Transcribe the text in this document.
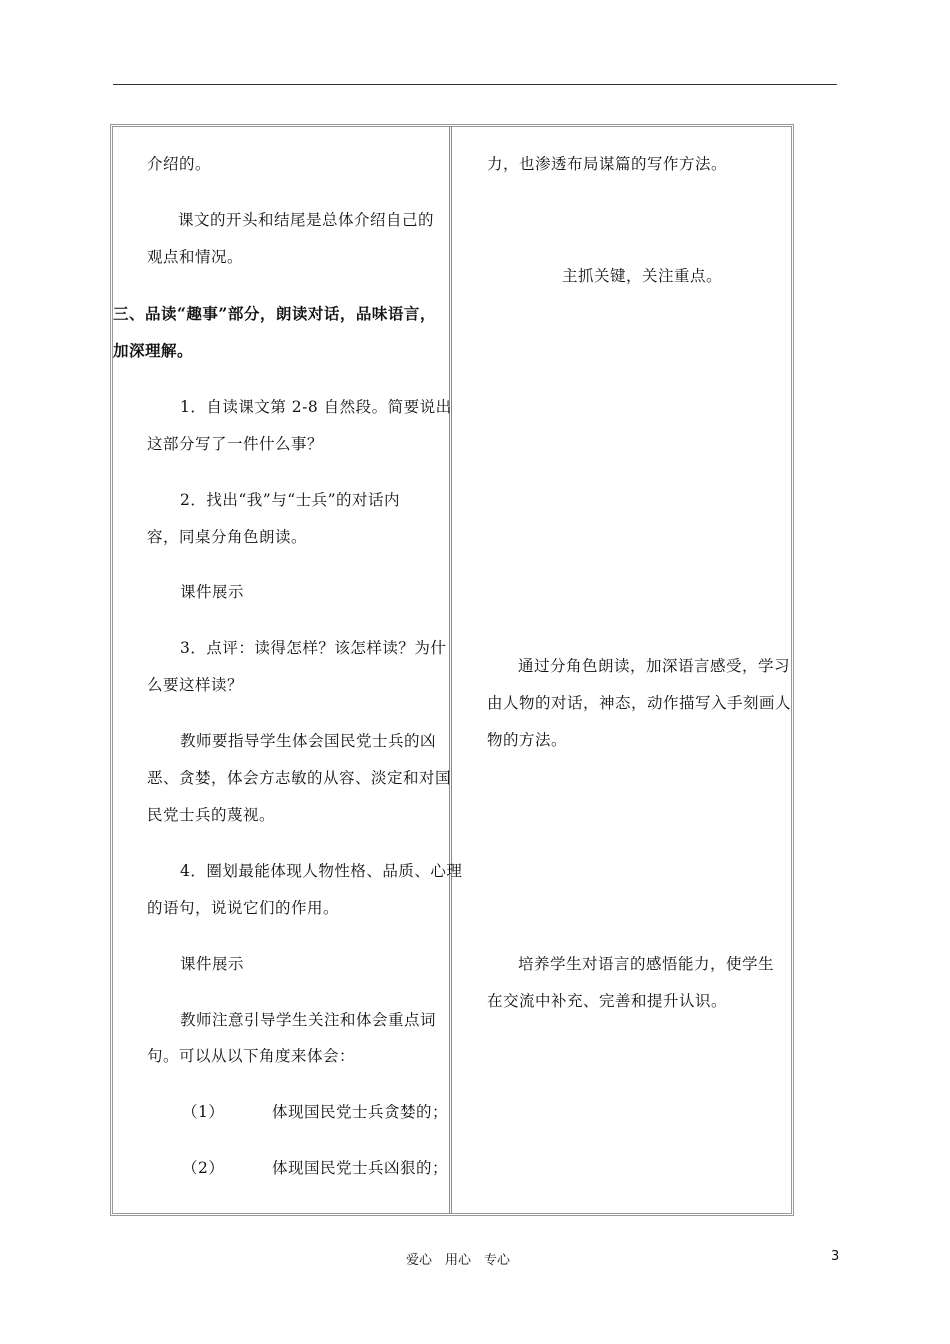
介绍的。
课文的开头和结尾是总体介绍自己的
观点和情况。
三、品读“趣事”部分，朗读对话，品味语言，
加深理解。
1．自读课文第 2-8 自然段。简要说出
这部分写了一件什么事？
2．找出“我”与“士兵”的对话内
容，同桌分角色朗读。
课件展示
3．点评：读得怎样？该怎样读？为什
么要这样读？
教师要指导学生体会国民党士兵的凶
恶、贪婪，体会方志敏的从容、淡定和对国
民党士兵的蔑视。
4．圈划最能体现人物性格、品质、心理
的语句，说说它们的作用。
课件展示
教师注意引导学生关注和体会重点词
句。可以从以下角度来体会：
（1）	体现国民党士兵贪婪的；
（2）	体现国民党士兵凶狠的；
力，也渗透布局谋篇的写作方法。
主抓关键，关注重点。
通过分角色朗读，加深语言感受，学习
由人物的对话，神态，动作描写入手刻画人
物的方法。
培养学生对语言的感悟能力，使学生
在交流中补充、完善和提升认识。
爱心　用心　专心	3
